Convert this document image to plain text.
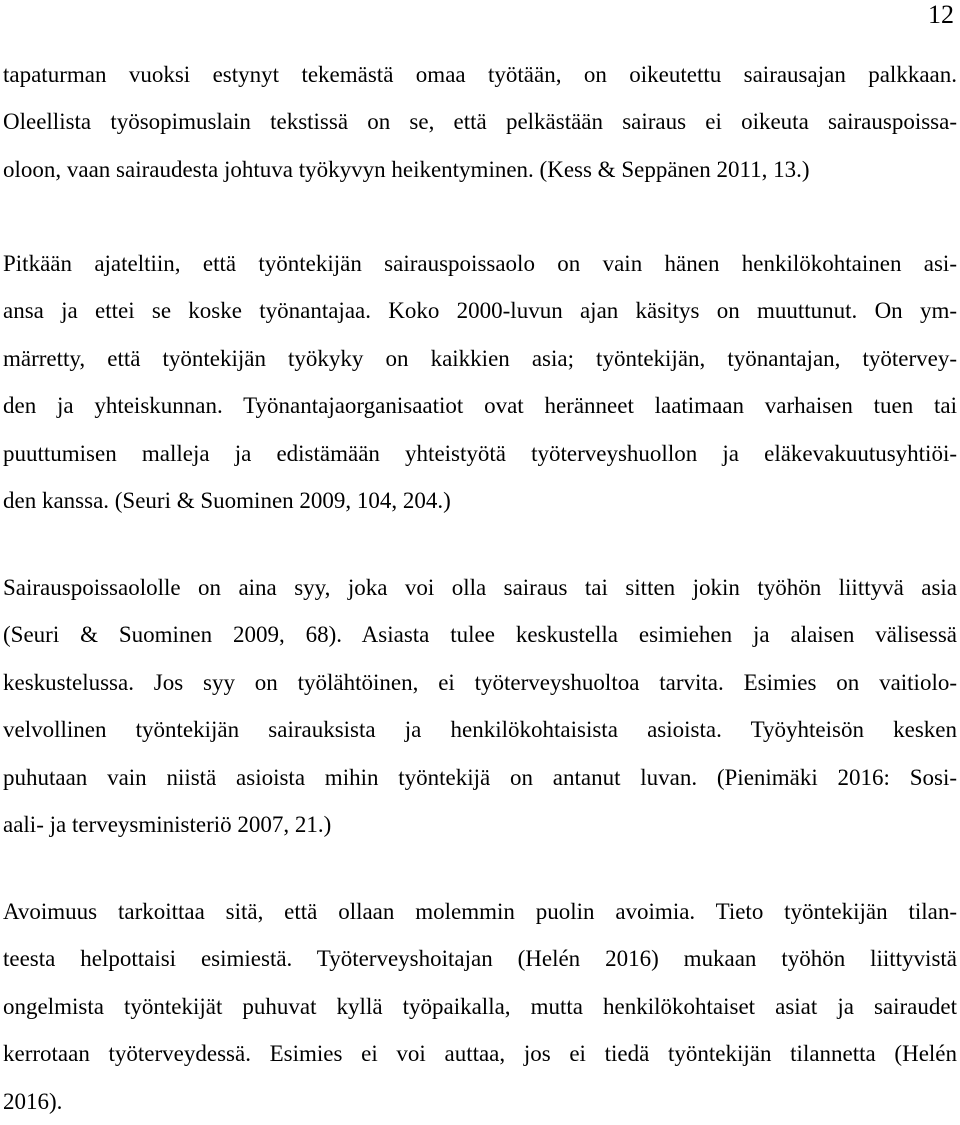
12
tapaturman vuoksi estynyt tekemästä omaa työtään, on oikeutettu sairausajan palkkaan.
Oleellista työsopimuslain tekstissä on se, että pelkästään sairaus ei oikeuta sairauspoissa-
oloon, vaan sairaudesta johtuva työkyvyn heikentyminen. (Kess & Seppänen 2011, 13.)
Pitkään ajateltiin, että työntekijän sairauspoissaolo on vain hänen henkilökohtainen asi-
ansa ja ettei se koske työnantajaa. Koko 2000-luvun ajan käsitys on muuttunut. On ym-
märretty, että työntekijän työkyky on kaikkien asia; työntekijän, työnantajan, työtervey-
den ja yhteiskunnan. Työnantajaorganisaatiot ovat heränneet laatimaan varhaisen tuen tai
puuttumisen malleja ja edistämään yhteistyötä työterveyshuollon ja eläkevakuutusyhtiöi-
den kanssa. (Seuri & Suominen 2009, 104, 204.)
Sairauspoissaololle on aina syy, joka voi olla sairaus tai sitten jokin työhön liittyvä asia
(Seuri & Suominen 2009, 68). Asiasta tulee keskustella esimiehen ja alaisen välisessä
keskustelussa. Jos syy on työlähtöinen, ei työterveyshuoltoa tarvita. Esimies on vaitiolo-
velvollinen työntekijän sairauksista ja henkilökohtaisista asioista. Työyhteisön kesken
puhutaan vain niistä asioista mihin työntekijä on antanut luvan. (Pienimäki 2016: Sosi-
aali- ja terveysministeriö 2007, 21.)
Avoimuus tarkoittaa sitä, että ollaan molemmin puolin avoimia. Tieto työntekijän tilan-
teesta helpottaisi esimiestä. Työterveyshoitajan (Helén 2016) mukaan työhön liittyvistä
ongelmista työntekijät puhuvat kyllä työpaikalla, mutta henkilökohtaiset asiat ja sairaudet
kerrotaan työterveydessä. Esimies ei voi auttaa, jos ei tiedä työntekijän tilannetta (Helén
2016).
